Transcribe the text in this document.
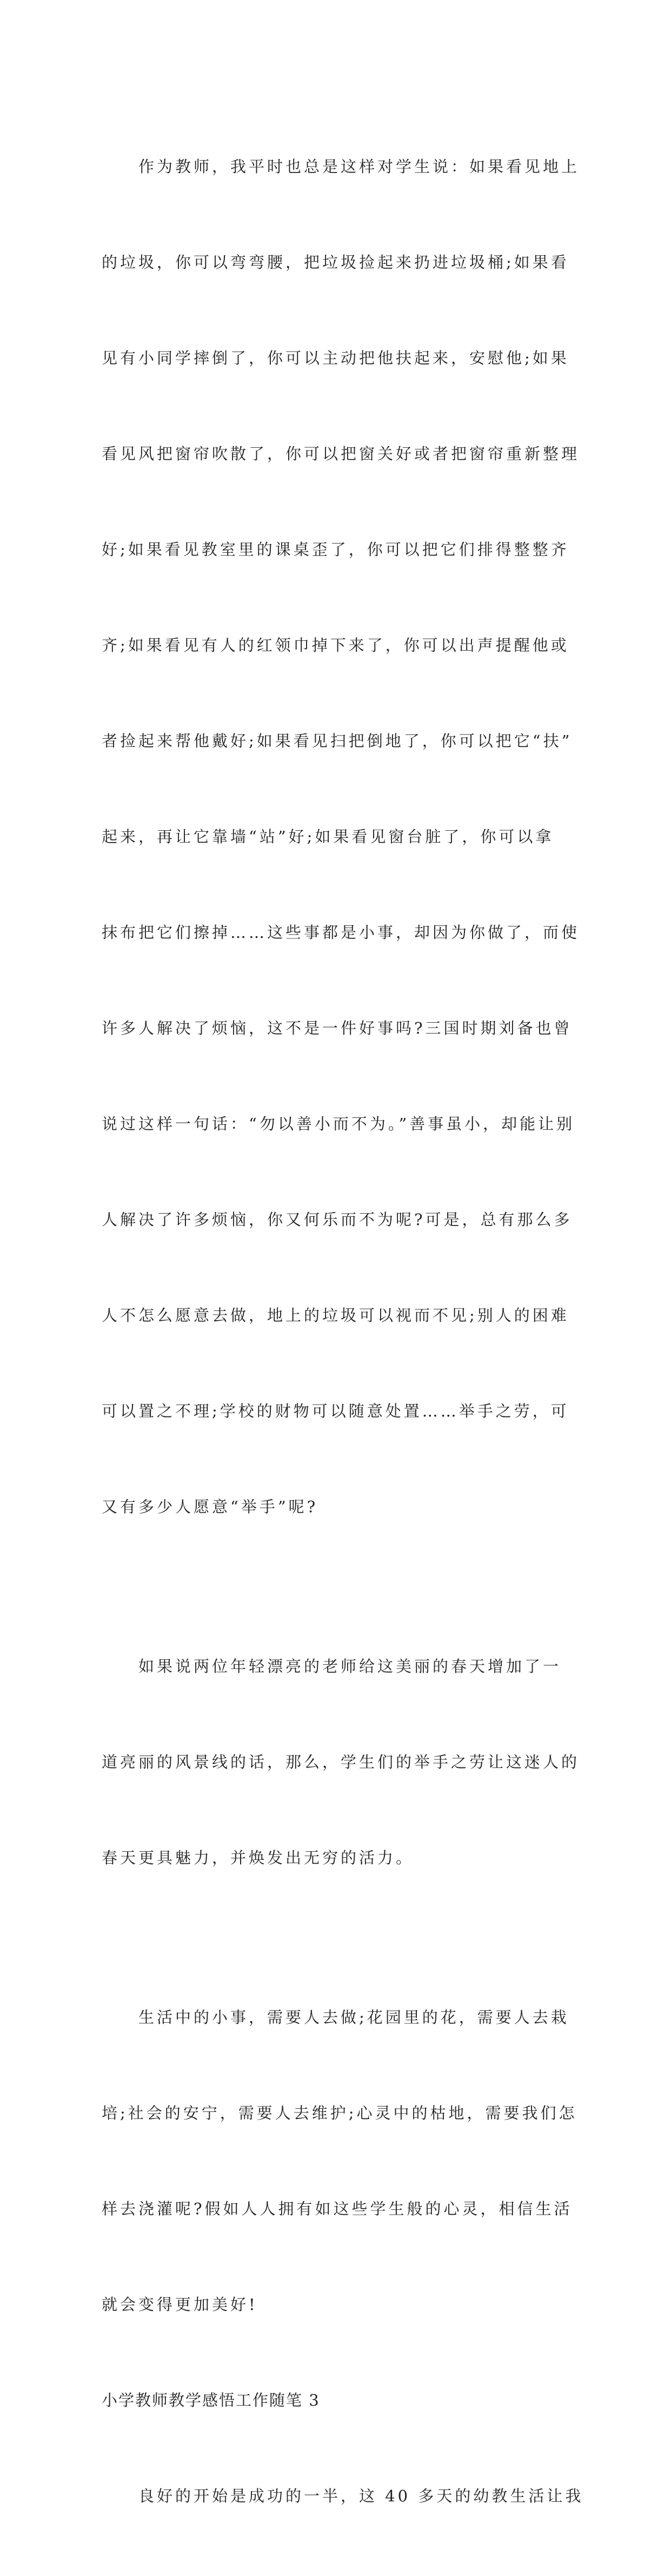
作为教师，我平时也总是这样对学生说：如果看见地上

的垃圾，你可以弯弯腰，把垃圾捡起来扔进垃圾桶;如果看

见有小同学摔倒了，你可以主动把他扶起来，安慰他;如果

看见风把窗帘吹散了，你可以把窗关好或者把窗帘重新整理

好;如果看见教室里的课桌歪了，你可以把它们排得整整齐

齐;如果看见有人的红领巾掉下来了，你可以出声提醒他或

者捡起来帮他戴好;如果看见扫把倒地了，你可以把它“扶”

起来，再让它靠墙“站”好;如果看见窗台脏了，你可以拿

抹布把它们擦掉……这些事都是小事，却因为你做了，而使

许多人解决了烦恼，这不是一件好事吗?三国时期刘备也曾

说过这样一句话：“勿以善小而不为。”善事虽小，却能让别

人解决了许多烦恼，你又何乐而不为呢?可是，总有那么多

人不怎么愿意去做，地上的垃圾可以视而不见;别人的困难

可以置之不理;学校的财物可以随意处置……举手之劳，可

又有多少人愿意“举手”呢?

如果说两位年轻漂亮的老师给这美丽的春天增加了一

道亮丽的风景线的话，那么，学生们的举手之劳让这迷人的

春天更具魅力，并焕发出无穷的活力。

生活中的小事，需要人去做;花园里的花，需要人去栽

培;社会的安宁，需要人去维护;心灵中的枯地，需要我们怎

样去浇灌呢?假如人人拥有如这些学生般的心灵，相信生活

就会变得更加美好!

小学教师教学感悟工作随笔 3

良好的开始是成功的一半，这 40 多天的幼教生活让我
